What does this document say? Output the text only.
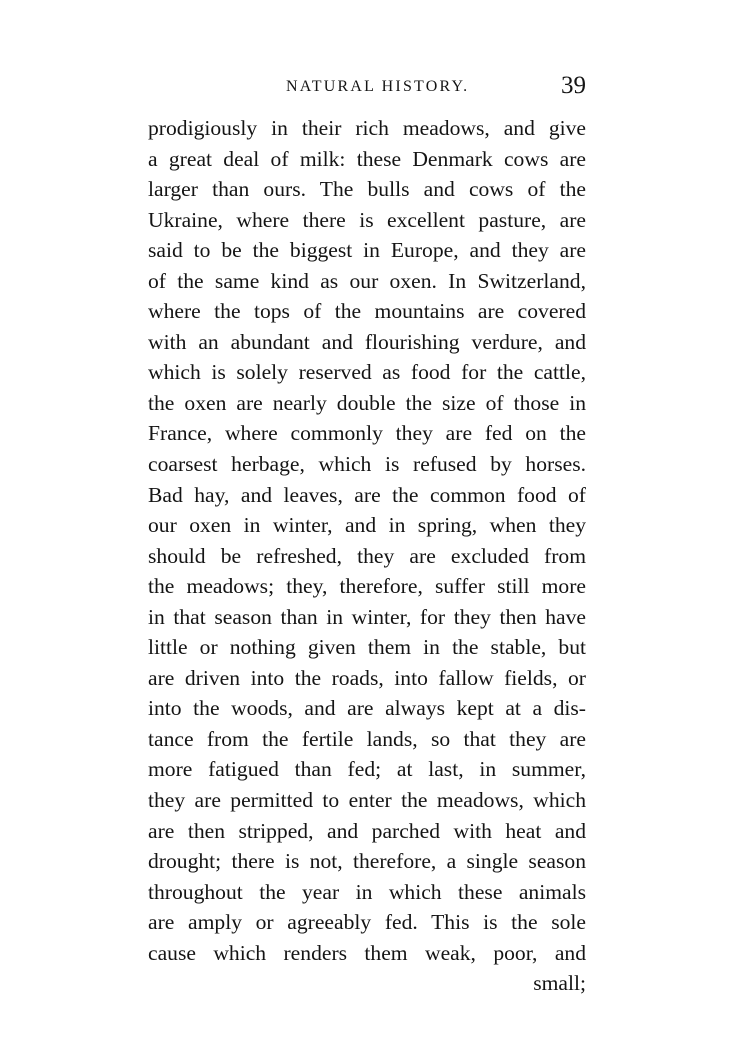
NATURAL HISTORY.	39
prodigiously in their rich meadows, and give
a great deal of milk: these Denmark cows are
larger than ours. The bulls and cows of the
Ukraine, where there is excellent pasture, are
said to be the biggest in Europe, and they are
of the same kind as our oxen. In Switzerland,
where the tops of the mountains are covered
with an abundant and flourishing verdure, and
which is solely reserved as food for the cattle,
the oxen are nearly double the size of those in
France, where commonly they are fed on the
coarsest herbage, which is refused by horses.
Bad hay, and leaves, are the common food of
our oxen in winter, and in spring, when they
should be refreshed, they are excluded from
the meadows; they, therefore, suffer still more
in that season than in winter, for they then have
little or nothing given them in the stable, but
are driven into the roads, into fallow fields, or
into the woods, and are always kept at a dis-
tance from the fertile lands, so that they are
more fatigued than fed; at last, in summer,
they are permitted to enter the meadows, which
are then stripped, and parched with heat and
drought; there is not, therefore, a single season
throughout the year in which these animals
are amply or agreeably fed. This is the sole
cause which renders them weak, poor, and
small;
